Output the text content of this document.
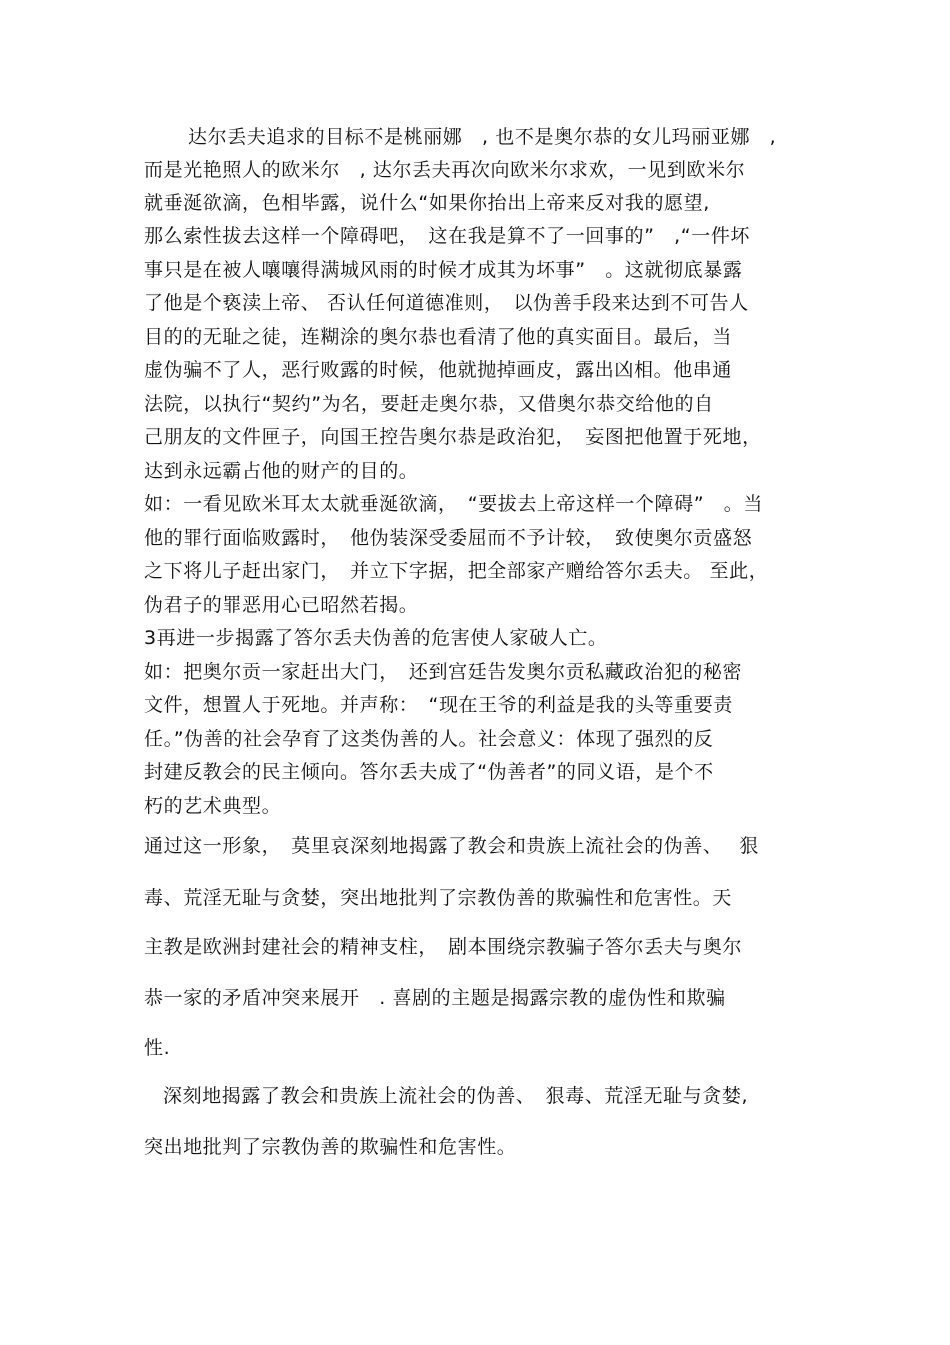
达尔丢夫追求的目标不是桃丽娜　, 也不是奥尔恭的女儿玛丽亚娜　,
而是光艳照人的欧米尔　, 达尔丢夫再次向欧米尔求欢，一见到欧米尔
就垂涎欲滴，色相毕露，说什么“如果你抬出上帝来反对我的愿望,
那么索性拔去这样一个障碍吧，　这在我是算不了一回事的”　,“一件坏
事只是在被人嚷嚷得满城风雨的时候才成其为坏事”　。这就彻底暴露
了他是个亵渎上帝、 否认任何道德准则，　以伪善手段来达到不可告人
目的的无耻之徒，连糊涂的奥尔恭也看清了他的真实面目。最后，当
虚伪骗不了人，恶行败露的时候，他就抛掉画皮，露出凶相。他串通
法院，以执行“契约”为名，要赶走奥尔恭，又借奥尔恭交给他的自
己朋友的文件匣子，向国王控告奥尔恭是政治犯，　妄图把他置于死地，
达到永远霸占他的财产的目的。
如：一看见欧米耳太太就垂涎欲滴，　“要拔去上帝这样一个障碍”　。当
他的罪行面临败露时，　他伪装深受委屈而不予计较，　致使奥尔贡盛怒
之下将儿子赶出家门，　并立下字据，把全部家产赠给答尔丢夫。 至此，
伪君子的罪恶用心已昭然若揭。
3再进一步揭露了答尔丢夫伪善的危害使人家破人亡。
如：把奥尔贡一家赶出大门，　还到宫廷告发奥尔贡私藏政治犯的秘密
文件，想置人于死地。并声称：　“现在王爷的利益是我的头等重要责
任。”伪善的社会孕育了这类伪善的人。社会意义：体现了强烈的反
封建反教会的民主倾向。答尔丢夫成了“伪善者”的同义语，是个不
朽的艺术典型。
通过这一形象，　莫里哀深刻地揭露了教会和贵族上流社会的伪善、　 狠
毒、荒淫无耻与贪婪，突出地批判了宗教伪善的欺骗性和危害性。天
主教是欧洲封建社会的精神支柱，　剧本围绕宗教骗子答尔丢夫与奥尔
恭一家的矛盾冲突来展开　. 喜剧的主题是揭露宗教的虚伪性和欺骗
性.
深刻地揭露了教会和贵族上流社会的伪善、　狠毒、荒淫无耻与贪婪,
突出地批判了宗教伪善的欺骗性和危害性。
